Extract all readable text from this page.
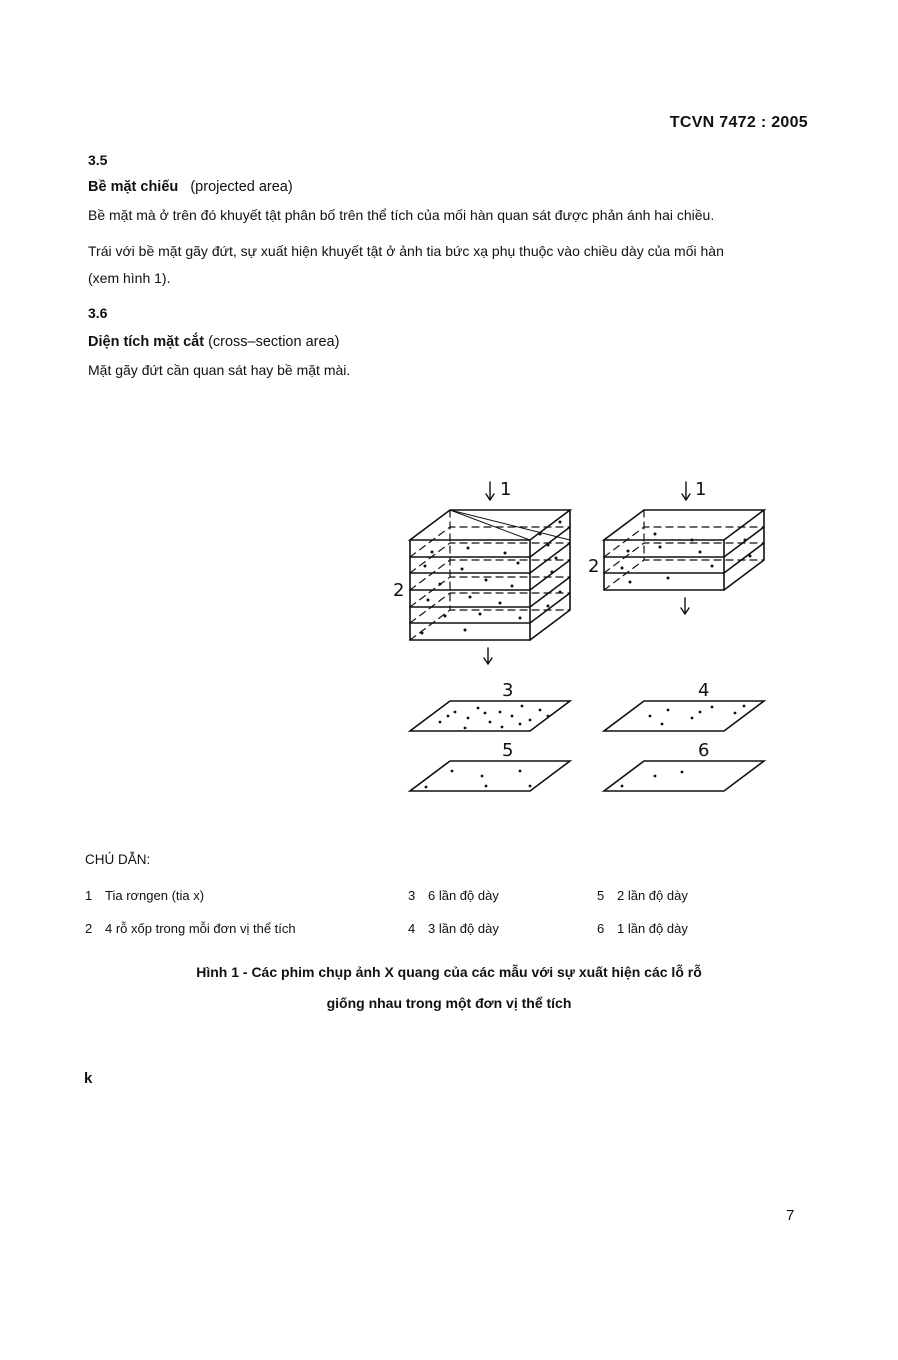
TCVN 7472 : 2005
3.5
Bề mặt chiếu (projected area)
Bề mặt mà ở trên đó khuyết tật phân bố trên thể tích của mối hàn quan sát được phản ánh hai chiều.
Trái với bề mặt gãy đứt, sự xuất hiện khuyết tật ở ảnh tia bức xạ phụ thuộc vào chiều dày của mối hàn
(xem hình 1).
3.6
Diện tích mặt cắt (cross–section area)
Mặt gãy đứt cần quan sát hay bề mặt mài.
1	1
2
2
3	4
5	6
CHÚ DẪN:
1 Tia rơngen (tia x)
2 4 rỗ xốp trong mỗi đơn vị thể tích
3 6 lần độ dày
4 3 lần độ dày
5 2 lần độ dày
6 1 lần độ dày
Hình 1 - Các phim chụp ảnh X quang của các mẫu với sự xuất hiện các lỗ rỗ
giống nhau trong một đơn vị thể tích
k
7
